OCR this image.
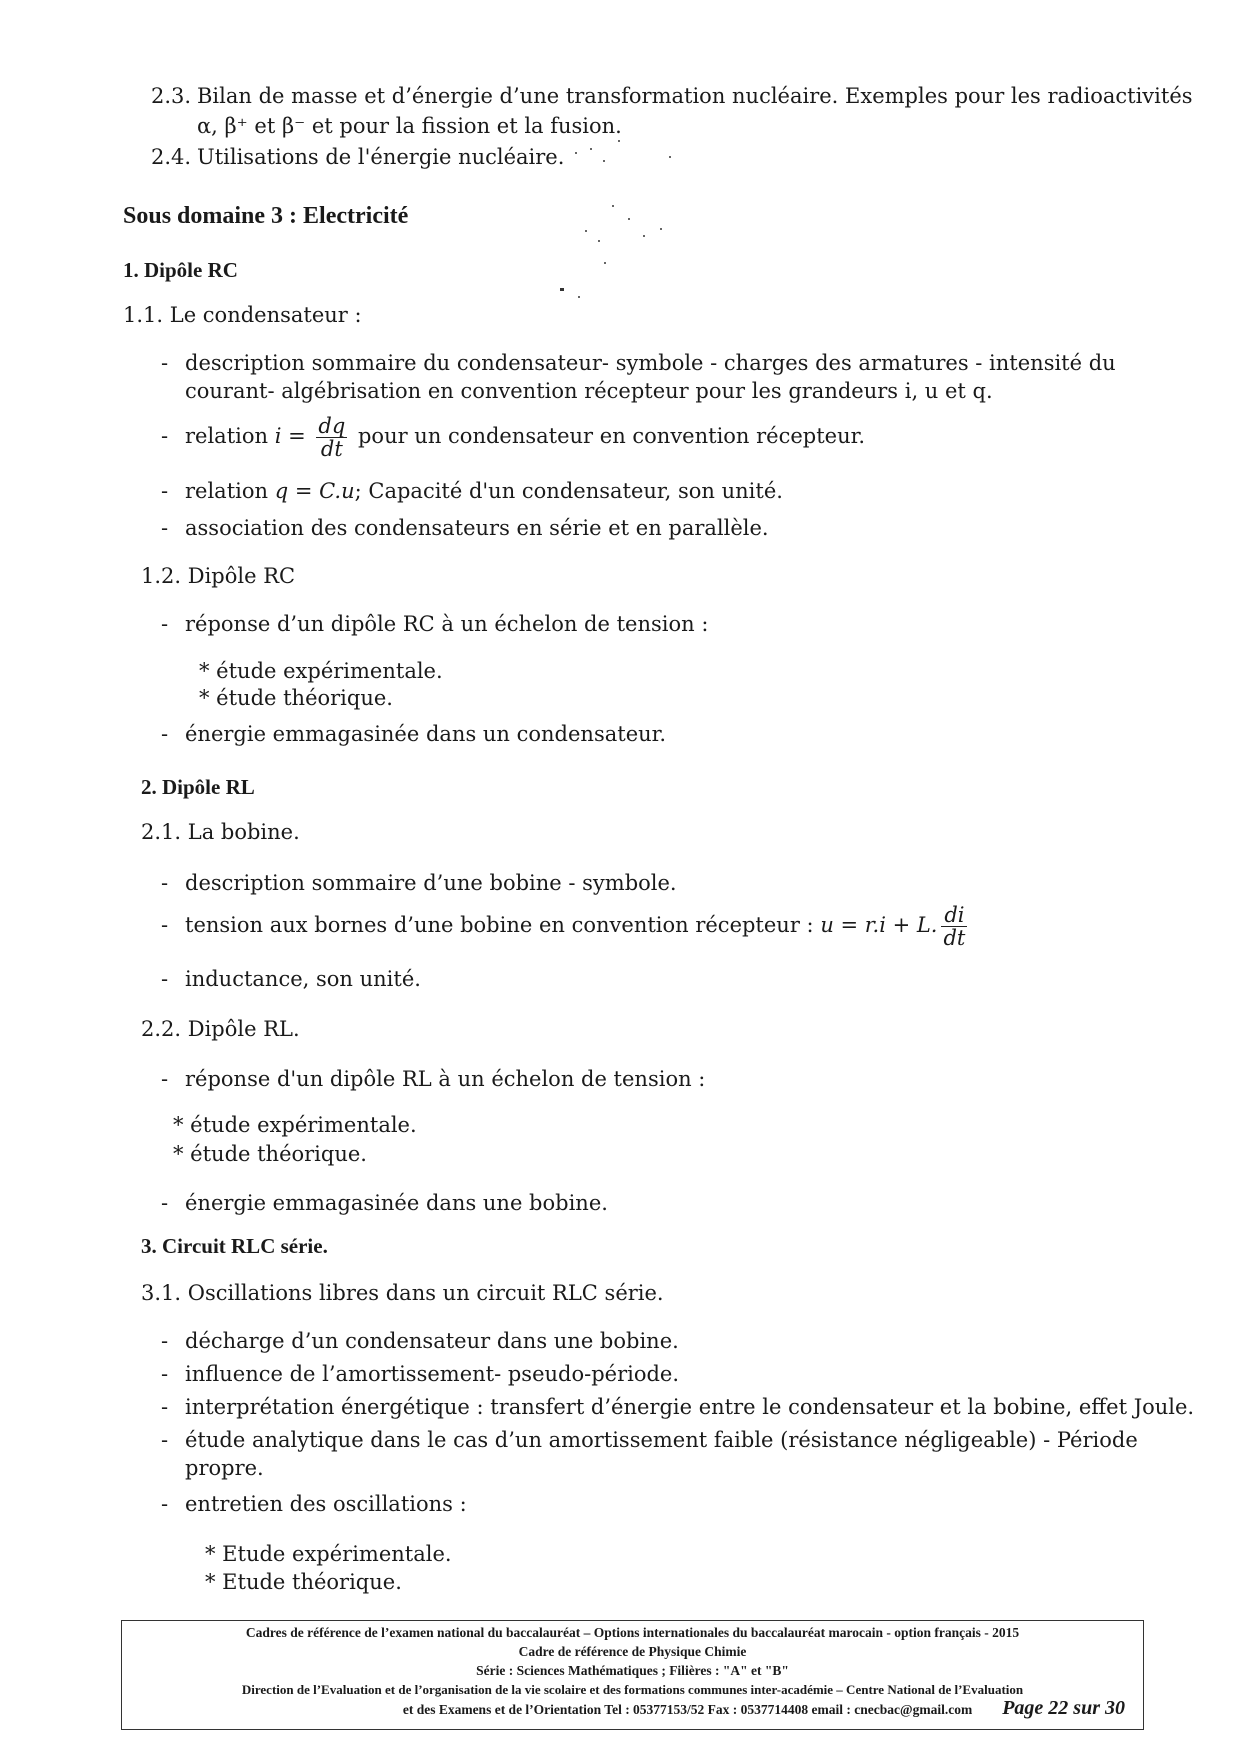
2.3. Bilan de masse et d’énergie d’une transformation nucléaire. Exemples pour les radioactivités
α, β⁺ et β⁻ et pour la fission et la fusion.
2.4. Utilisations de l'énergie nucléaire.
Sous domaine 3 : Electricité
1. Dipôle RC
1.1. Le condensateur :
- description sommaire du condensateur- symbole - charges des armatures - intensité du
courant- algébrisation en convention récepteur pour les grandeurs i, u et q.
- relation $i = \frac{dq}{dt}$ pour un condensateur en convention récepteur.
- relation q = C.u; Capacité d'un condensateur, son unité.
- association des condensateurs en série et en parallèle.
1.2. Dipôle RC
- réponse d’un dipôle RC à un échelon de tension :
* étude expérimentale.
* étude théorique.
- énergie emmagasinée dans un condensateur.
2. Dipôle RL
2.1. La bobine.
- description sommaire d’une bobine - symbole.
- tension aux bornes d’une bobine en convention récepteur : u = r.i + L. $\frac{di}{dt}$
- inductance, son unité.
2.2. Dipôle RL.
- réponse d'un dipôle RL à un échelon de tension :
* étude expérimentale.
* étude théorique.
- énergie emmagasinée dans une bobine.
3. Circuit RLC série.
3.1. Oscillations libres dans un circuit RLC série.
- décharge d’un condensateur dans une bobine.
- influence de l’amortissement- pseudo-période.
- interprétation énergétique : transfert d’énergie entre le condensateur et la bobine, effet Joule.
- étude analytique dans le cas d’un amortissement faible (résistance négligeable) - Période
propre.
- entretien des oscillations :
* Etude expérimentale.
* Etude théorique.
Cadres de référence de l’examen national du baccalauréat – Options internationales du baccalauréat marocain - option français - 2015
Cadre de référence de Physique Chimie
Série : Sciences Mathématiques ; Filières : "A" et "B"
Direction de l’Evaluation et de l’organisation de la vie scolaire et des formations communes inter-académie – Centre National de l’Evaluation
et des Examens et de l’Orientation Tel : 05377153/52 Fax : 0537714408 email : cnecbac@gmail.com Page 22 sur 30
